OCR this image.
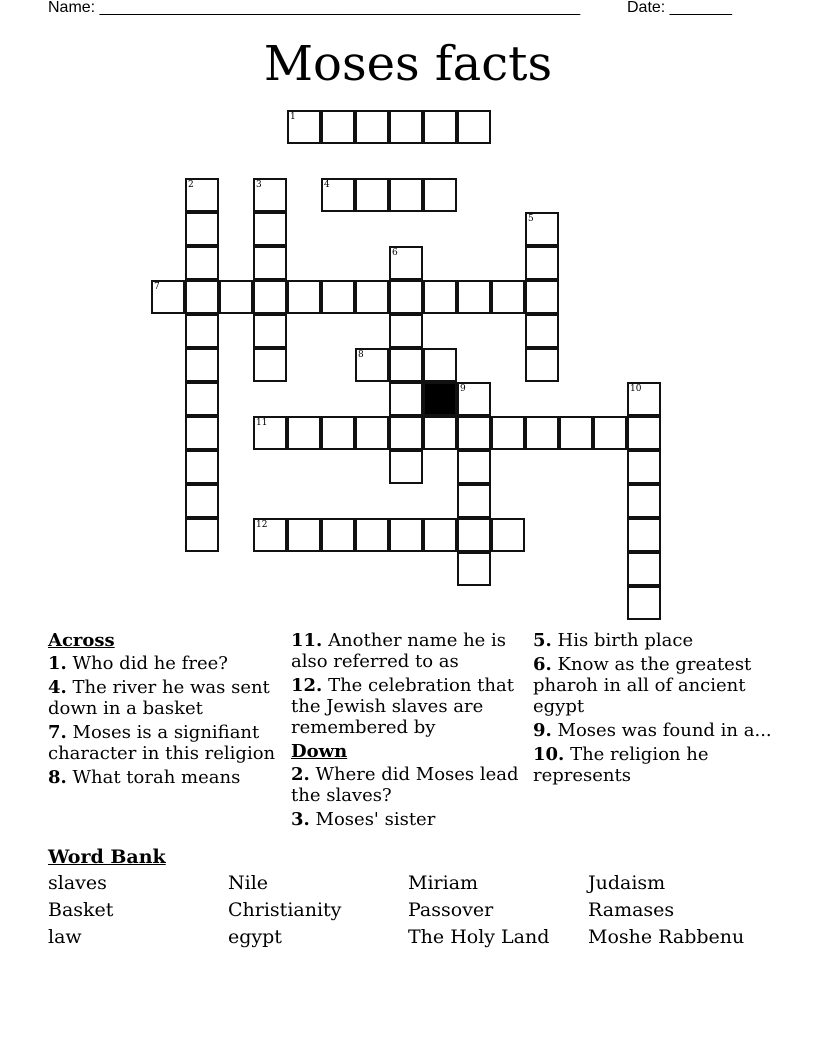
Name: ______________________________________________________	Date: _______
Moses facts
1
2	3	4
5
6
7
8
9	10
11
12
Across
1. Who did he free?
4. The river he was sent down in a basket
7. Moses is a signifiant character in this religion
8. What torah means
11. Another name he is also referred to as
12. The celebration that the Jewish slaves are remembered by
Down
2. Where did Moses lead the slaves?
3. Moses' sister
5. His birth place
6. Know as the greatest pharoh in all of ancient egypt
9. Moses was found in a...
10. The religion he represents
Word Bank
slaves	Nile	Miriam	Judaism
Basket	Christianity	Passover	Ramases
law	egypt	The Holy Land	Moshe Rabbenu
